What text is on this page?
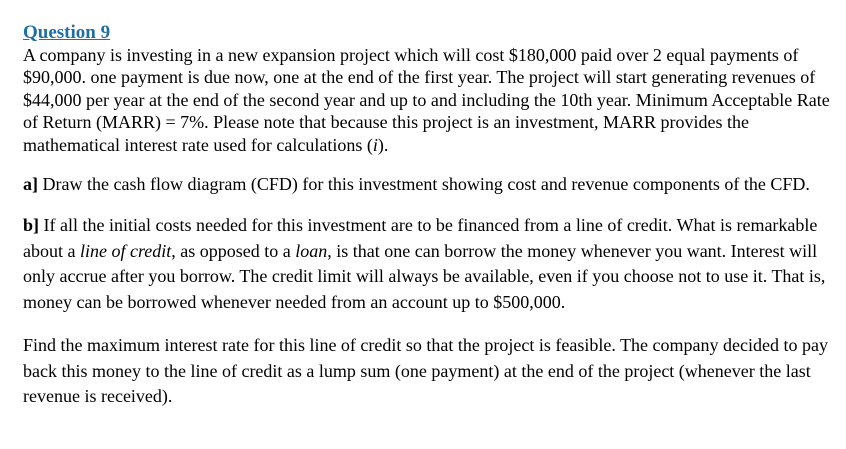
Question 9

A company is investing in a new expansion project which will cost $180,000 paid over 2 equal payments of $90,000. one payment is due now, one at the end of the first year. The project will start generating revenues of $44,000 per year at the end of the second year and up to and including the 10th year. Minimum Acceptable Rate of Return (MARR) = 7%. Please note that because this project is an investment, MARR provides the mathematical interest rate used for calculations (i).

a] Draw the cash flow diagram (CFD) for this investment showing cost and revenue components of the CFD.

b] If all the initial costs needed for this investment are to be financed from a line of credit. What is remarkable about a line of credit, as opposed to a loan, is that one can borrow the money whenever you want. Interest will only accrue after you borrow. The credit limit will always be available, even if you choose not to use it. That is, money can be borrowed whenever needed from an account up to $500,000.

Find the maximum interest rate for this line of credit so that the project is feasible. The company decided to pay back this money to the line of credit as a lump sum (one payment) at the end of the project (whenever the last revenue is received).
